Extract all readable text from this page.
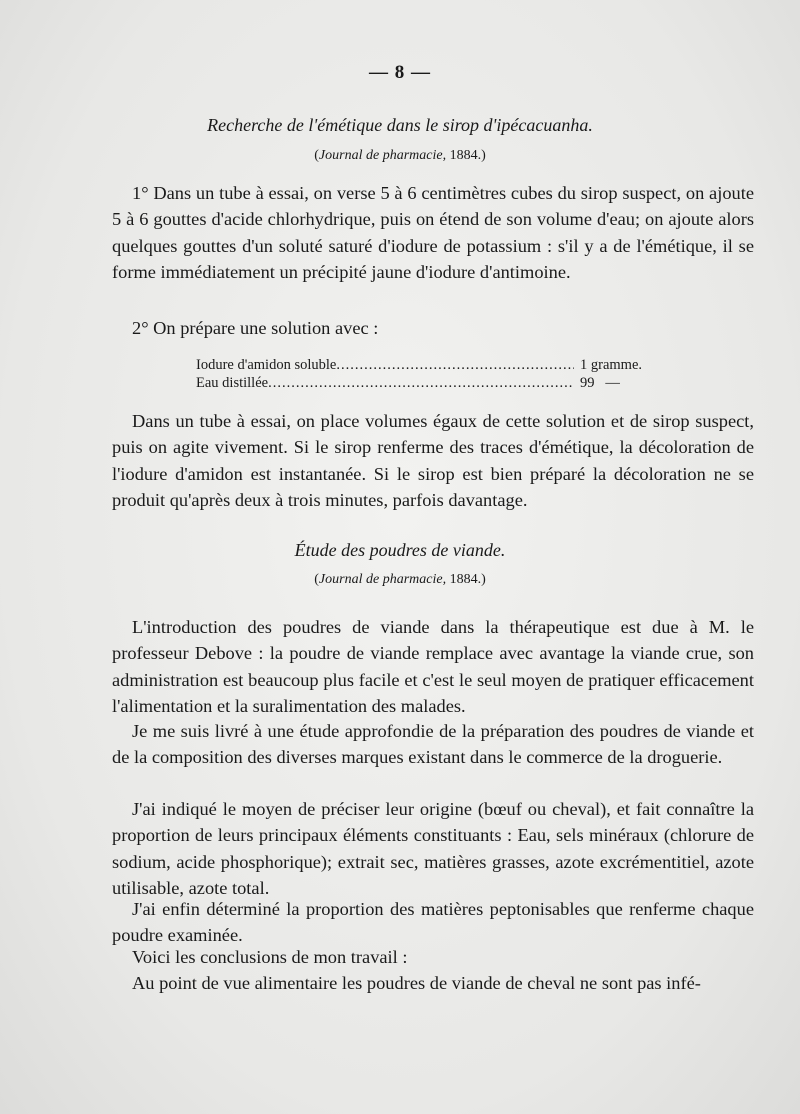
— 8 —
Recherche de l'émétique dans le sirop d'ipécacuanha.
(Journal de pharmacie, 1884.)

1° Dans un tube à essai, on verse 5 à 6 centimètres cubes du sirop suspect, on ajoute 5 à 6 gouttes d'acide chlorhydrique, puis on étend de son volume d'eau; on ajoute alors quelques gouttes d'un soluté saturé d'iodure de potassium : s'il y a de l'émétique, il se forme immédiatement un précipité jaune d'iodure d'antimoine.

2° On prépare une solution avec :

Iodure d'amidon soluble .....	1 gramme.
Eau distillée .....	99   —

Dans un tube à essai, on place volumes égaux de cette solution et de sirop suspect, puis on agite vivement. Si le sirop renferme des traces d'émétique, la décoloration de l'iodure d'amidon est instantanée. Si le sirop est bien préparé la décoloration ne se produit qu'après deux à trois minutes, parfois davantage.

Étude des poudres de viande.
(Journal de pharmacie, 1884.)

L'introduction des poudres de viande dans la thérapeutique est due à M. le professeur Debove : la poudre de viande remplace avec avantage la viande crue, son administration est beaucoup plus facile et c'est le seul moyen de pratiquer efficacement l'alimentation et la suralimentation des malades.

Je me suis livré à une étude approfondie de la préparation des poudres de viande et de la composition des diverses marques existant dans le commerce de la droguerie.

J'ai indiqué le moyen de préciser leur origine (bœuf ou cheval), et fait connaître la proportion de leurs principaux éléments constituants : Eau, sels minéraux (chlorure de sodium, acide phosphorique); extrait sec, matières grasses, azote excrémentitiel, azote utilisable, azote total.

J'ai enfin déterminé la proportion des matières peptonisables que renferme chaque poudre examinée.

Voici les conclusions de mon travail :

Au point de vue alimentaire les poudres de viande de cheval ne sont pas infé-
